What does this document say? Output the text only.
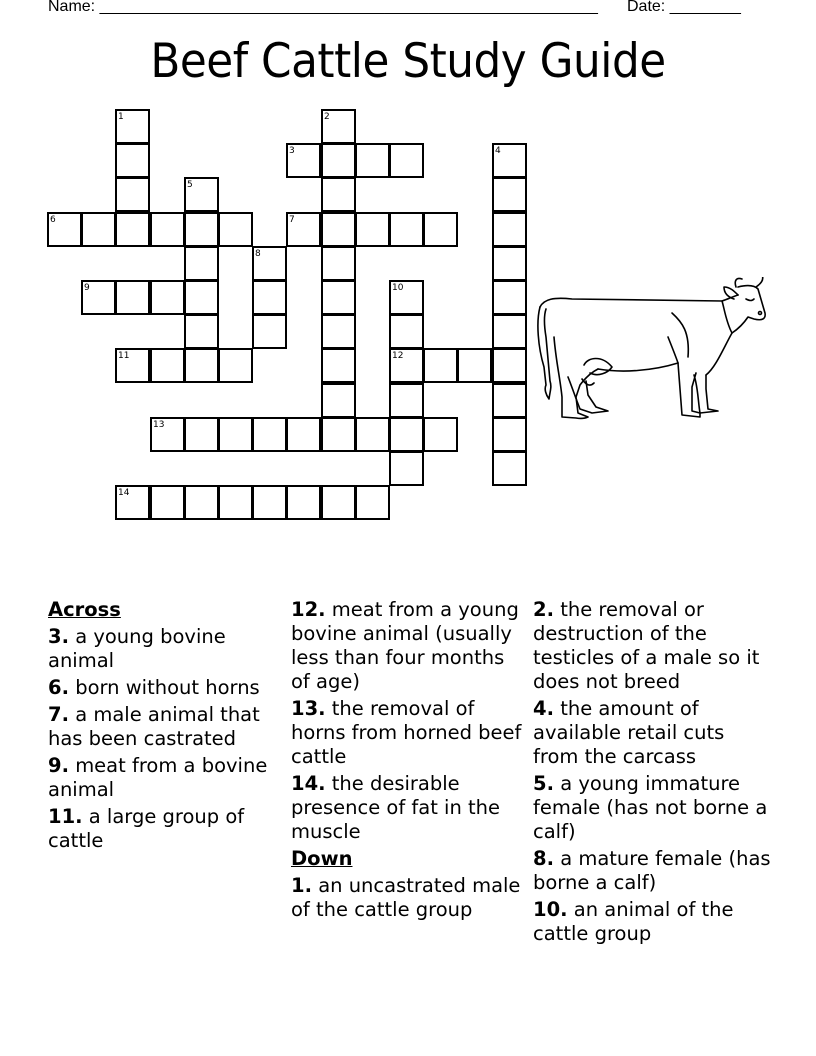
Name: ________________________________________________________ Date: ________
Beef Cattle Study Guide
1	2
3	4
5
6	7
8
9	10
12
11
13
14
Across
3. a young bovine animal
6. born without horns
7. a male animal that has been castrated
9. meat from a bovine animal
11. a large group of cattle
12. meat from a young bovine animal (usually less than four months of age)
13. the removal of horns from horned beef cattle
14. the desirable presence of fat in the muscle
Down
1. an uncastrated male of the cattle group
2. the removal or destruction of the testicles of a male so it does not breed
4. the amount of available retail cuts from the carcass
5. a young immature female (has not borne a calf)
8. a mature female (has borne a calf)
10. an animal of the cattle group
